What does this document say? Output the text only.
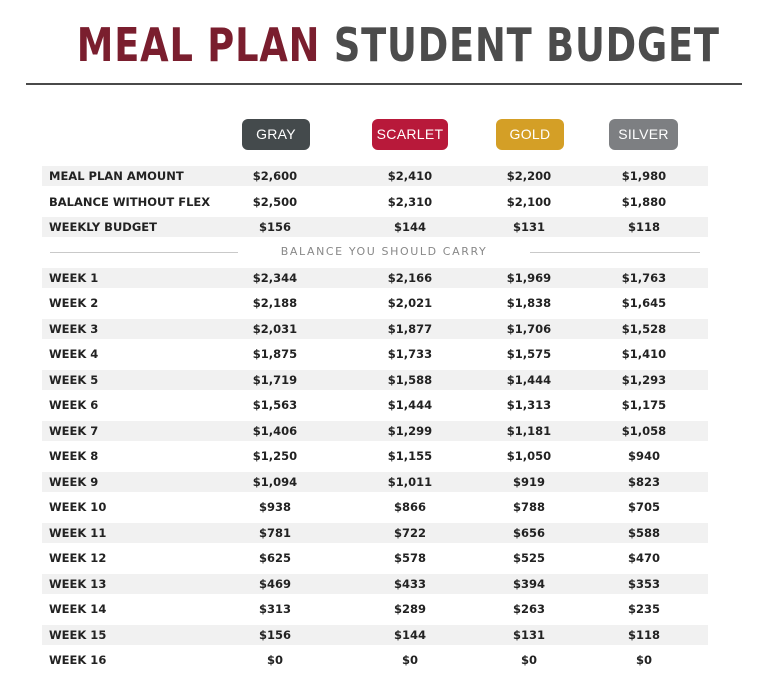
MEAL PLAN STUDENT BUDGET
GRAY	SCARLET	GOLD	SILVER
MEAL PLAN AMOUNT	$2,600	$2,410	$2,200	$1,980
BALANCE WITHOUT FLEX	$2,500	$2,310	$2,100	$1,880
WEEKLY BUDGET	$156	$144	$131	$118
BALANCE YOU SHOULD CARRY
WEEK 1	$2,344	$2,166	$1,969	$1,763
WEEK 2	$2,188	$2,021	$1,838	$1,645
WEEK 3	$2,031	$1,877	$1,706	$1,528
WEEK 4	$1,875	$1,733	$1,575	$1,410
WEEK 5	$1,719	$1,588	$1,444	$1,293
WEEK 6	$1,563	$1,444	$1,313	$1,175
WEEK 7	$1,406	$1,299	$1,181	$1,058
WEEK 8	$1,250	$1,155	$1,050	$940
WEEK 9	$1,094	$1,011	$919	$823
WEEK 10	$938	$866	$788	$705
WEEK 11	$781	$722	$656	$588
WEEK 12	$625	$578	$525	$470
WEEK 13	$469	$433	$394	$353
WEEK 14	$313	$289	$263	$235
WEEK 15	$156	$144	$131	$118
WEEK 16	$0	$0	$0	$0
